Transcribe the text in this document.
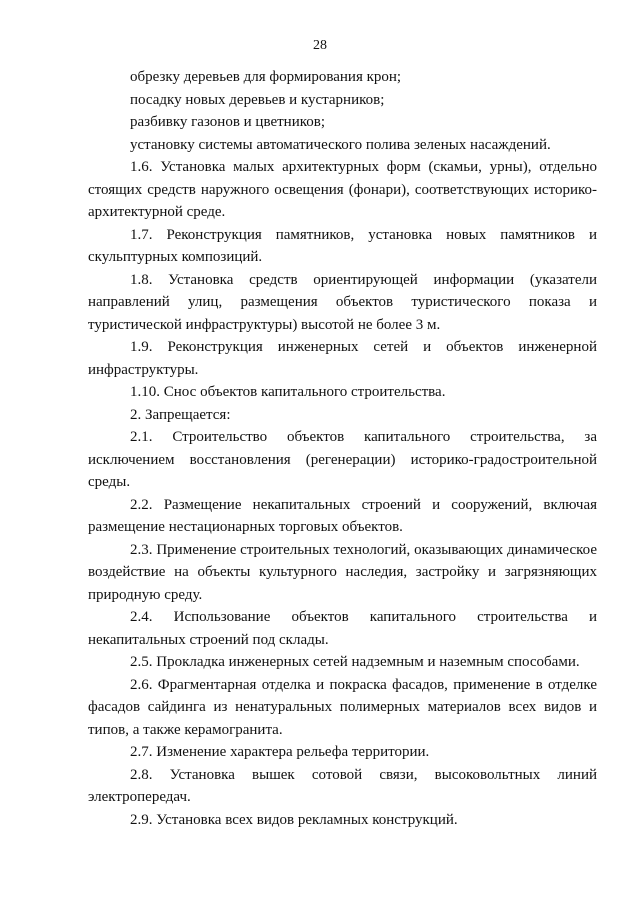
28

обрезку деревьев для формирования крон;

посадку новых деревьев и кустарников;

разбивку газонов и цветников;

установку системы автоматического полива зеленых насаждений.

1.6. Установка малых архитектурных форм (скамьи, урны), отдельно стоящих средств наружного освещения (фонари), соответствующих историко-архитектурной среде.

1.7. Реконструкция памятников, установка новых памятников и скульптурных композиций.

1.8. Установка средств ориентирующей информации (указатели направлений улиц, размещения объектов туристического показа и туристической инфраструктуры) высотой не более 3 м.

1.9. Реконструкция инженерных сетей и объектов инженерной инфраструктуры.

1.10. Снос объектов капитального строительства.

2. Запрещается:

2.1. Строительство объектов капитального строительства, за исключением восстановления (регенерации) историко-градостроительной среды.

2.2. Размещение некапитальных строений и сооружений, включая размещение нестационарных торговых объектов.

2.3. Применение строительных технологий, оказывающих динамическое воздействие на объекты культурного наследия, застройку и загрязняющих природную среду.

2.4. Использование объектов капитального строительства и некапитальных строений под склады.

2.5. Прокладка инженерных сетей надземным и наземным способами.

2.6. Фрагментарная отделка и покраска фасадов, применение в отделке фасадов сайдинга из ненатуральных полимерных материалов всех видов и типов, а также керамогранита.

2.7. Изменение характера рельефа территории.

2.8. Установка вышек сотовой связи, высоковольтных линий электропередач.

2.9. Установка всех видов рекламных конструкций.
